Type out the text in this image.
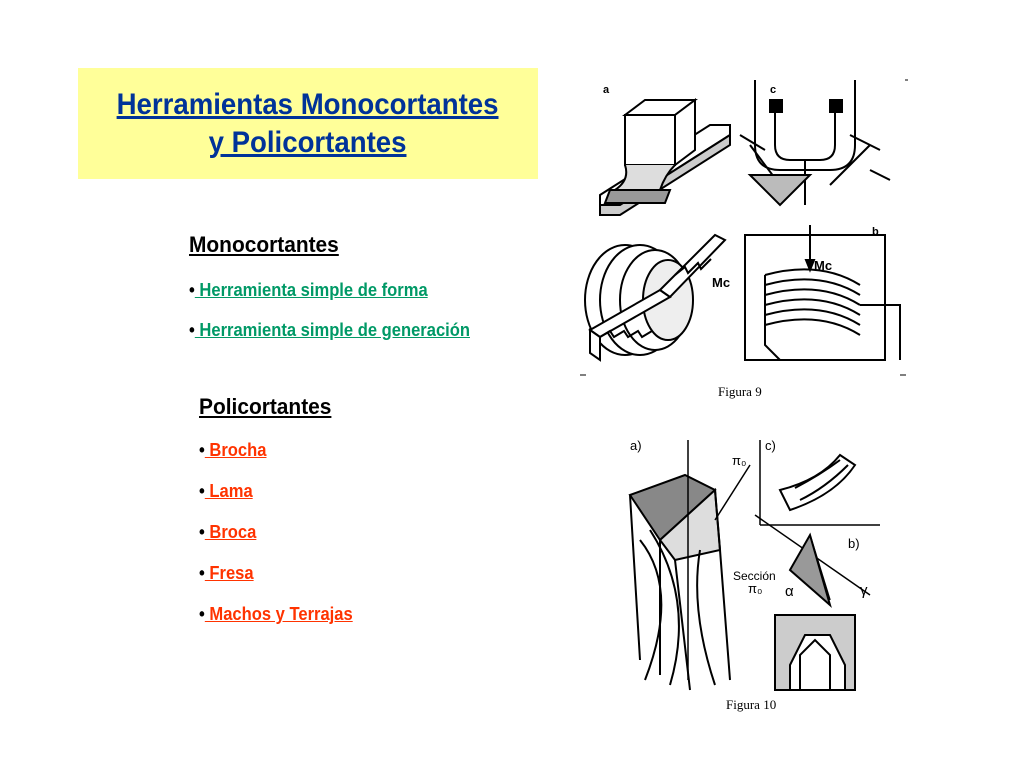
Herramientas Monocortantes
y Policortantes
Monocortantes
• Herramienta simple de forma
• Herramienta simple de generación
Policortantes
• Brocha
• Lama
• Broca
• Fresa
• Machos y Terrajas
a	c
b
Mc
Mc
Figura 9
a)	c)
b)
π₀
Sección
π₀ α	γ
Figura 10
